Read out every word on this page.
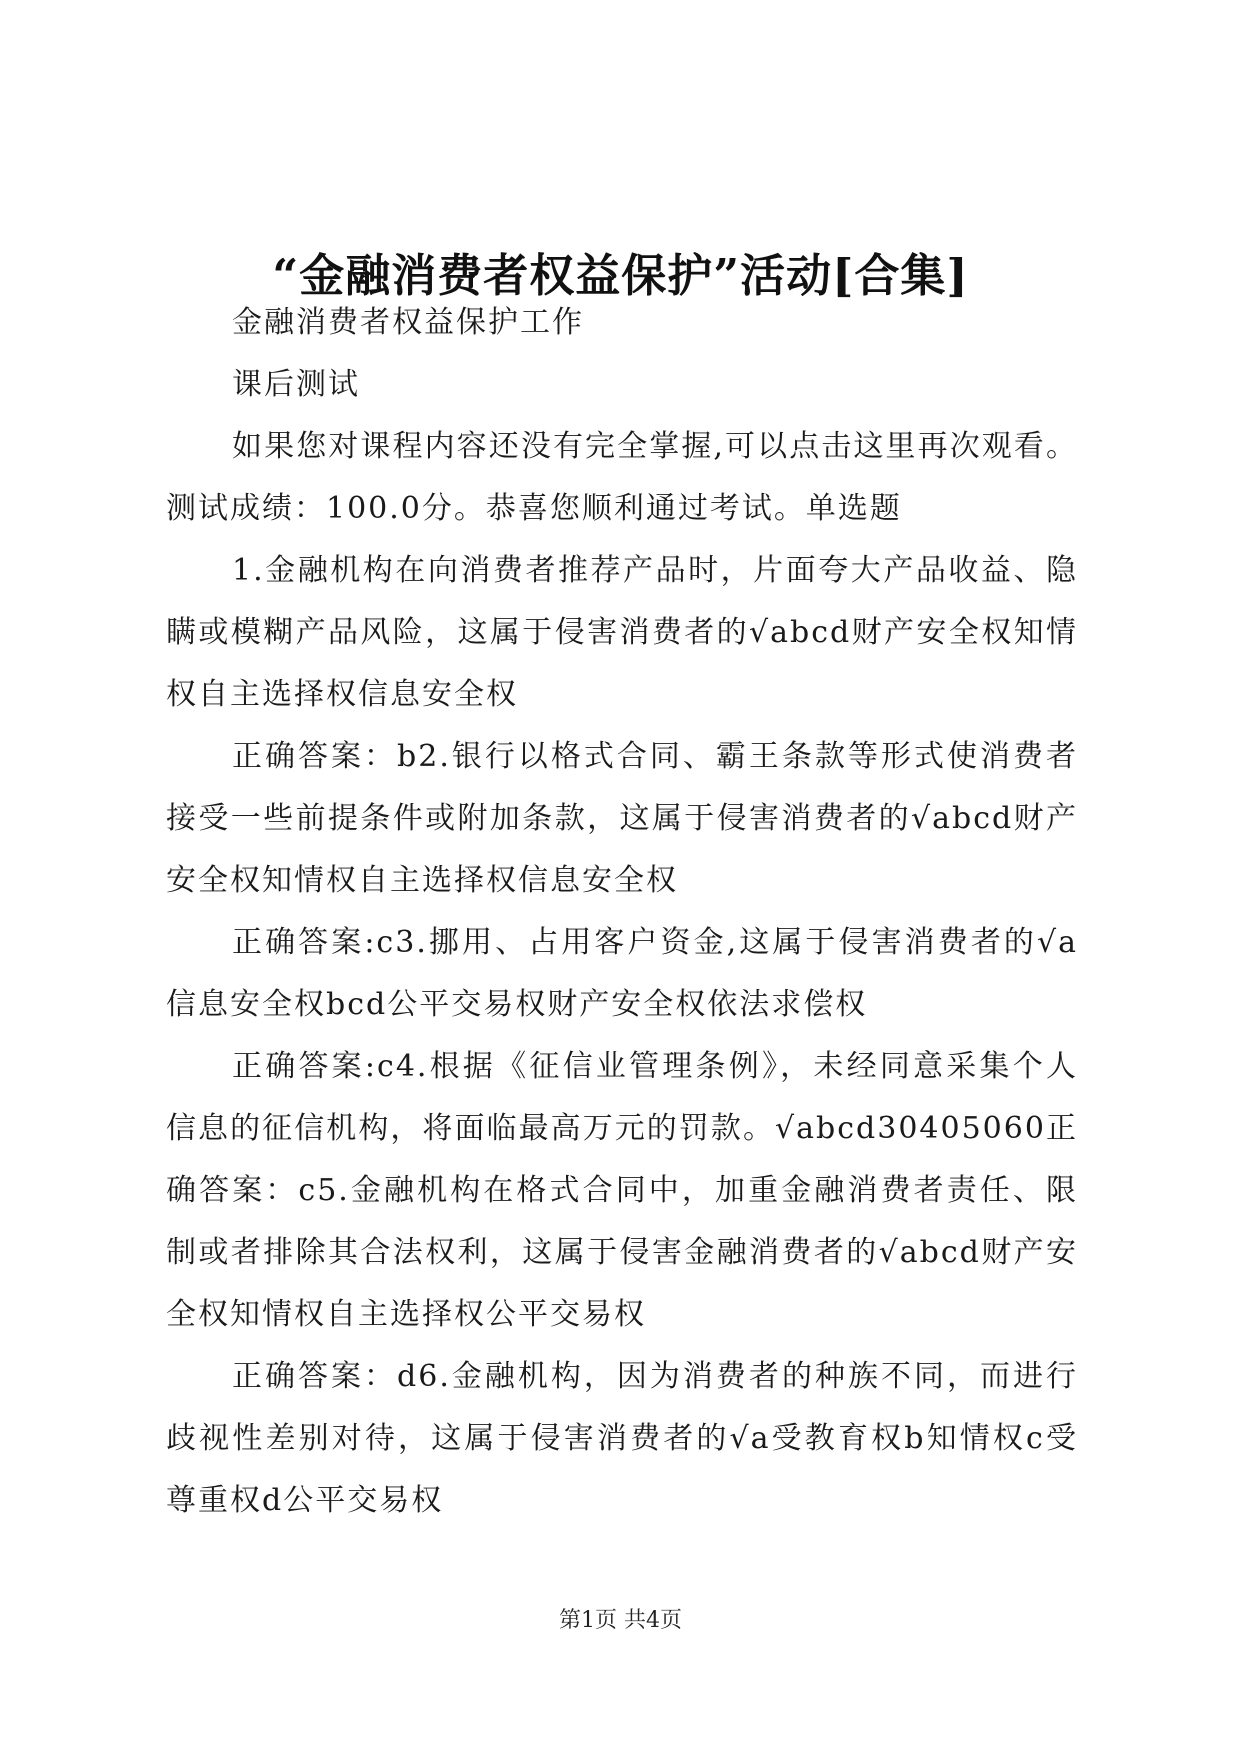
“金融消费者权益保护”活动[合集]

金融消费者权益保护工作

课后测试

如果您对课程内容还没有完全掌握,可以点击这里再次观看。测试成绩：100.0分。恭喜您顺利通过考试。单选题

1.金融机构在向消费者推荐产品时，片面夸大产品收益、隐瞒或模糊产品风险，这属于侵害消费者的√abcd财产安全权知情权自主选择权信息安全权

正确答案：b2.银行以格式合同、霸王条款等形式使消费者接受一些前提条件或附加条款，这属于侵害消费者的√abcd财产安全权知情权自主选择权信息安全权

正确答案:c3.挪用、占用客户资金,这属于侵害消费者的√a信息安全权bcd公平交易权财产安全权依法求偿权

正确答案:c4.根据《征信业管理条例》，未经同意采集个人信息的征信机构，将面临最高万元的罚款。√abcd30405060正确答案：c5.金融机构在格式合同中，加重金融消费者责任、限制或者排除其合法权利，这属于侵害金融消费者的√abcd财产安全权知情权自主选择权公平交易权

正确答案：d6.金融机构，因为消费者的种族不同，而进行歧视性差别对待，这属于侵害消费者的√a受教育权b知情权c受尊重权d公平交易权

第1页 共4页
